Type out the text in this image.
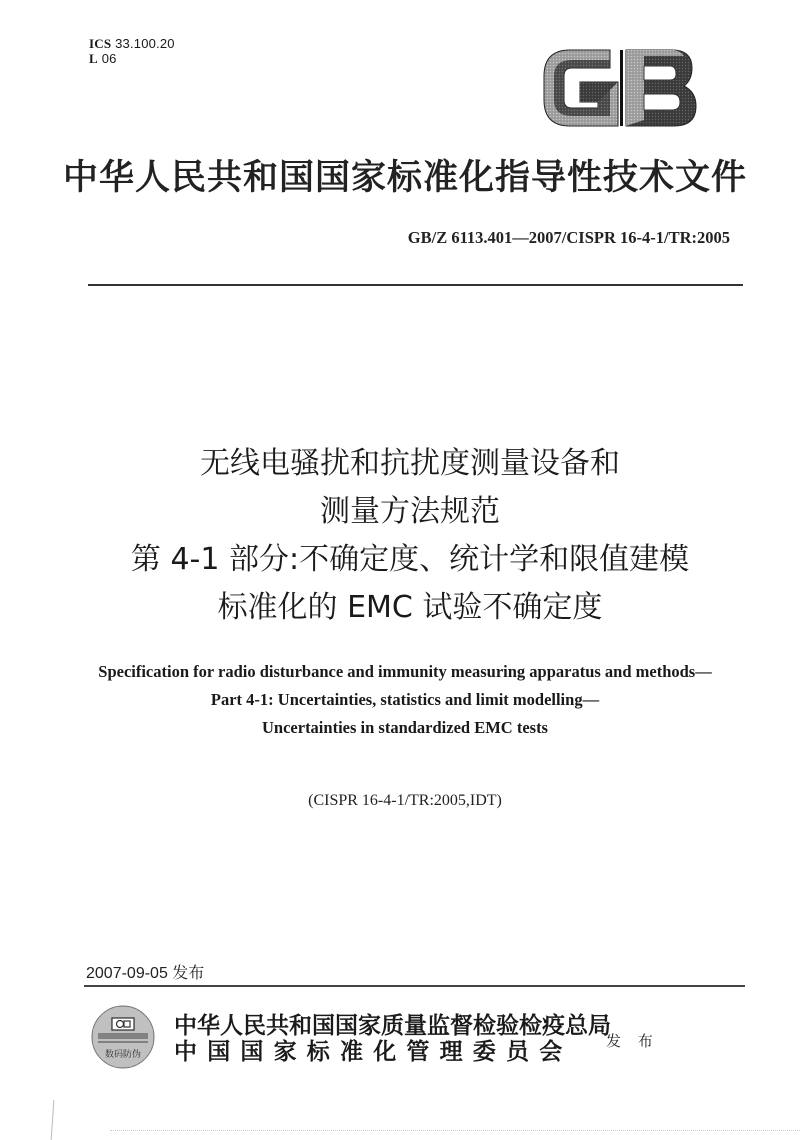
ICS 33.100.20
L 06
中华人民共和国国家标准化指导性技术文件
GB/Z 6113.401—2007/CISPR 16-4-1/TR:2005
无线电骚扰和抗扰度测量设备和
测量方法规范
第 4-1 部分:不确定度、统计学和限值建模
标准化的 EMC 试验不确定度
Specification for radio disturbance and immunity measuring apparatus and methods—
Part 4-1: Uncertainties, statistics and limit modelling—
Uncertainties in standardized EMC tests
(CISPR 16-4-1/TR:2005,IDT)
2007-09-05 发布
数码防伪
中华人民共和国国家质量监督检验检疫总局
中国国家标准化管理委员会	发 布
